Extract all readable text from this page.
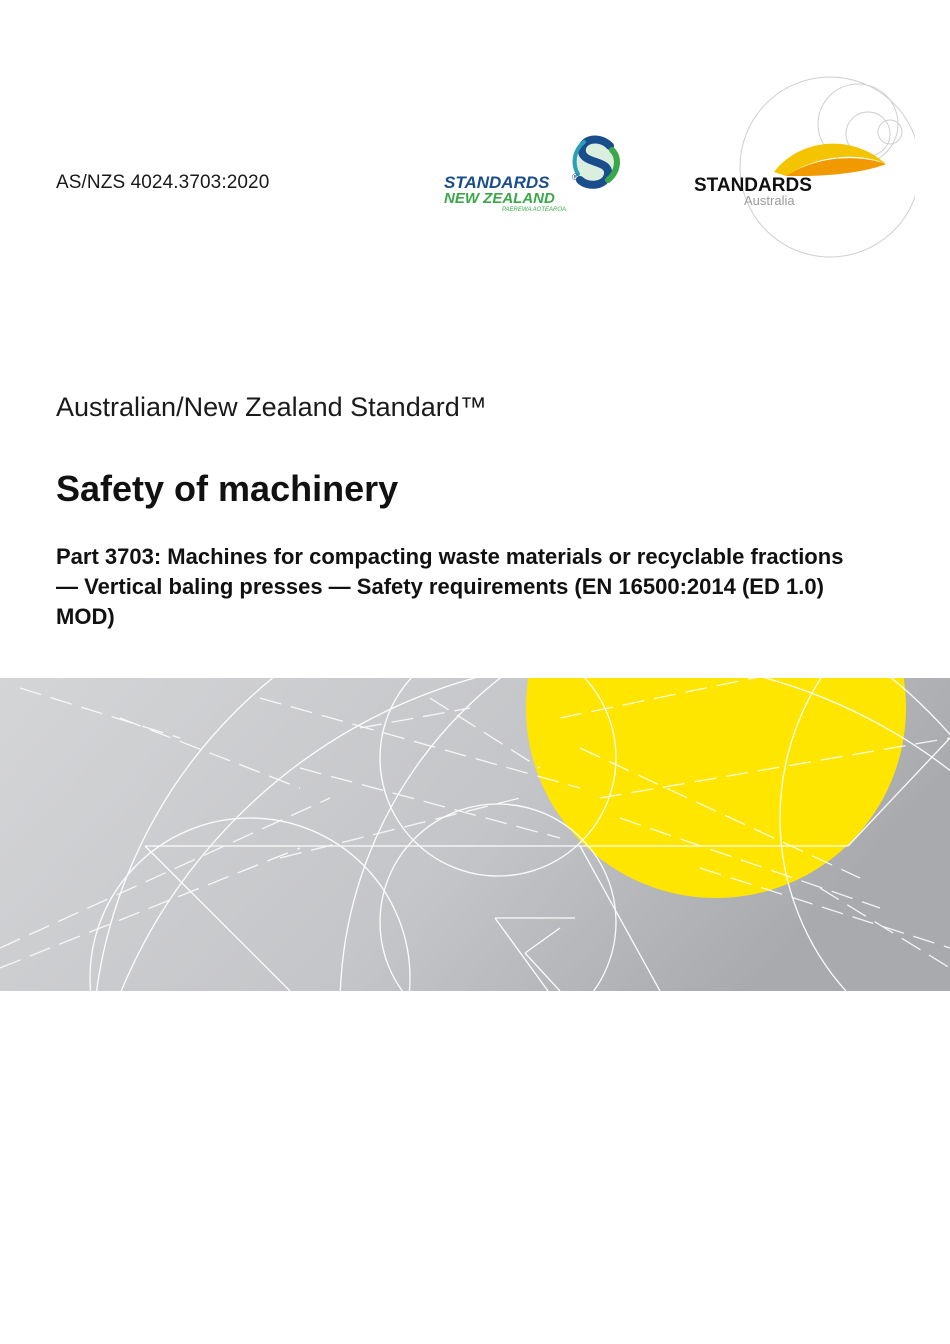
AS/NZS 4024.3703:2020	STANDARDS	®
NEW ZEALAND
PAEREWA AOTEAROA
STANDARDS
Australia
Australian/New Zealand Standard™
Safety of machinery
Part 3703: Machines for compacting waste materials or recyclable fractions — Vertical baling presses — Safety requirements (EN 16500:2014 (ED 1.0) MOD)
